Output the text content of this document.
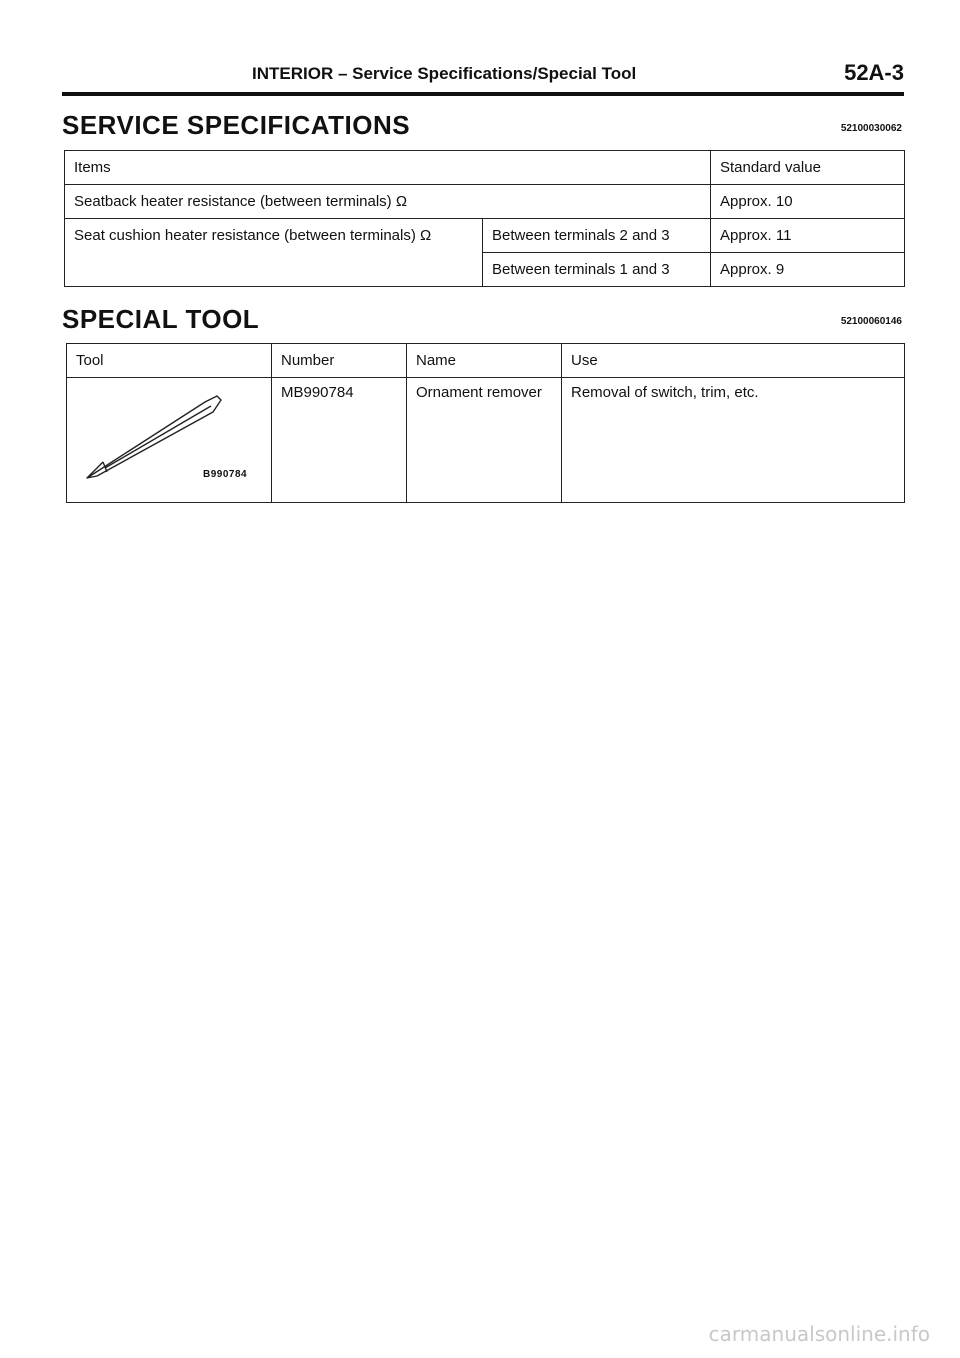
INTERIOR – Service Specifications/Special Tool	52A-3
SERVICE SPECIFICATIONS	52100030062
Items		Standard value
Seatback heater resistance (between terminals) Ω		Approx. 10
Seat cushion heater resistance (between terminals) Ω	Between terminals 2 and 3	Approx. 11
	Between terminals 1 and 3	Approx. 9
SPECIAL TOOL	52100060146
Tool	Number	Name	Use

B990784	MB990784	Ornament remover	Removal of switch, trim, etc.
carmanualsonline.info
